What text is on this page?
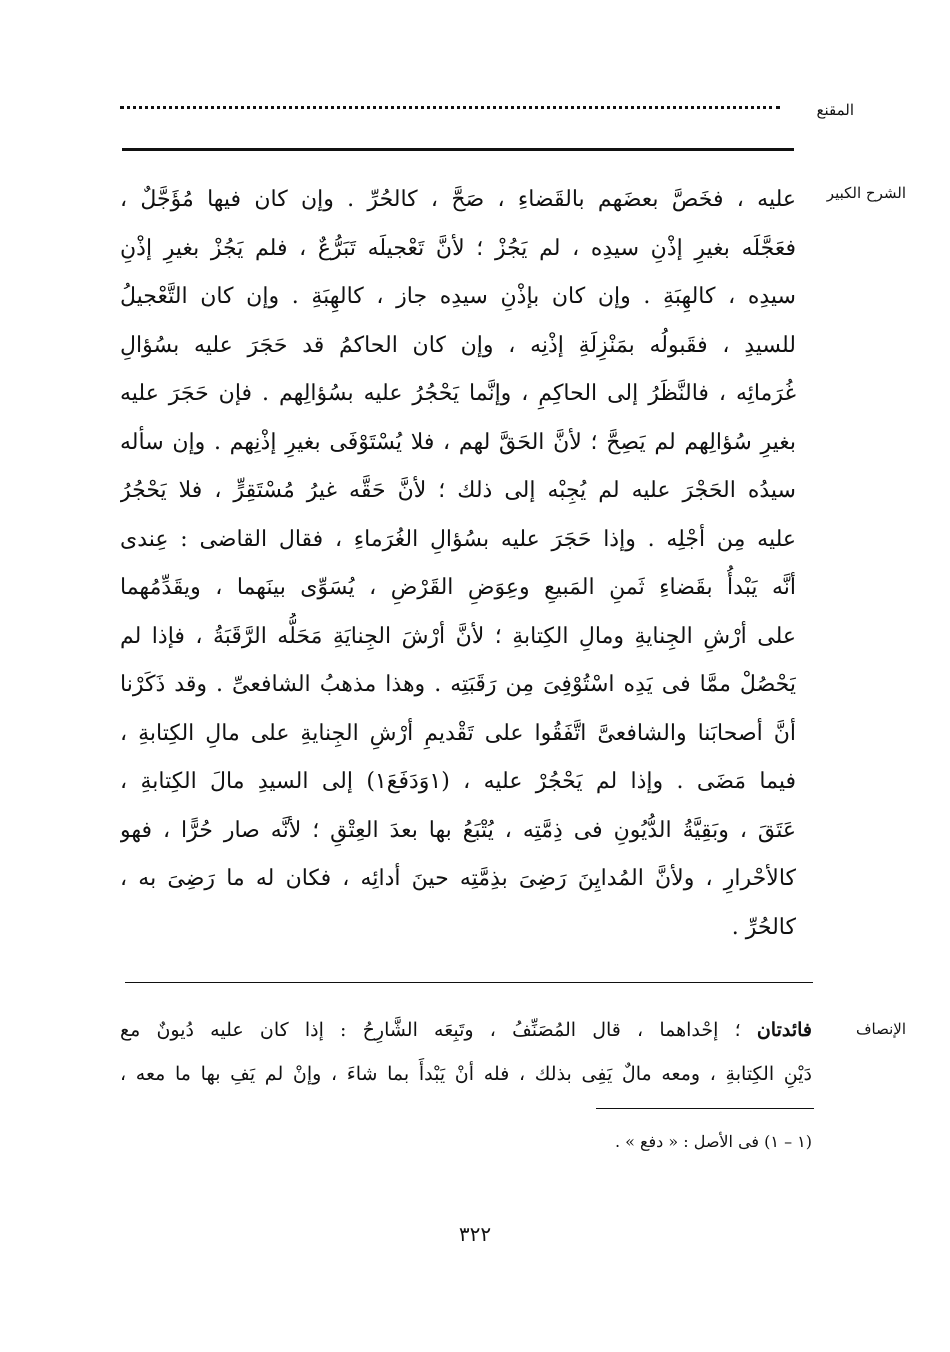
المقنع
الشرح الكبير
عليه ، فخَصَّ بعضَهم بالقَضاءِ ، صَحَّ ، كالحُرِّ . وإن كان فيها مُؤَجَّلٌ ،
فعَجَّلَه بغيرِ إذْنِ سيدِه ، لم يَجُزْ ؛ لأنَّ تَعْجيلَه تَبَرُّعٌ ، فلم يَجُزْ بغيرِ إذْنِ
سيدِه ، كالهِبَةِ . وإن كان بإذْنِ سيدِه جاز ، كالهِبَةِ . وإن كان التَّعْجيلُ
للسيدِ ، فقَبولُه بمَنْزِلَةِ إذْنِه ، وإن كان الحاكمُ قد حَجَرَ عليه بسُؤالِ
غُرَمائِه ، فالنَّظَرُ إلى الحاكِمِ ، وإنَّما يَحْجُرُ عليه بسُؤالِهم . فإن حَجَرَ عليه
بغيرِ سُؤالِهم لم يَصِحَّ ؛ لأنَّ الحَقَّ لهم ، فلا يُسْتَوْفَى بغيرِ إذْنِهم . وإن سأله
سيدُه الحَجْرَ عليه لم يُجِبْه إلى ذلك ؛ لأنَّ حَقَّه غيرُ مُسْتَقِرٍّ ، فلا يَحْجُرُ
عليه مِن أجْلِه . وإذا حَجَرَ عليه بسُؤالِ الغُرَماءِ ، فقال القاضى : عِندى
أنَّه يَبْدأُ بقَضاءِ ثَمنِ المَبيعِ وعِوَضِ القَرْضِ ، يُسَوِّى بينَهما ، ويقَدِّمُهما
على أرْشِ الجِنايةِ ومالِ الكِتابةِ ؛ لأنَّ أرْشَ الجِنايَةِ مَحَلُّه الرَّقَبَةُ ، فإذا لم
يَحْصُلْ ممَّا فى يَدِه اسْتُوْفِىَ مِن رَقَبَتِه . وهذا مذهبُ الشافعىِّ . وقد ذَكَرْنا
أنَّ أصحابَنا والشافعىَّ اتَّفَقُوا على تَقْديمِ أرْشِ الجِنايةِ على مالِ الكِتابةِ ،
فيما مَضَى . وإذا لم يَحْجُرْ عليه ، (١وَدَفَعَ١) إلى السيدِ مالَ الكِتابةِ ،
عَتَقَ ، وبَقِيَّةُ الدُّيُونِ فى ذِمَّتِه ، يُتْبَعُ بها بعدَ العِتْقِ ؛ لأنَّه صار حُرًّا ، فهو
كالأحْرارِ ، ولأنَّ المُدايِنَ رَضِىَ بذِمَّتِه حينَ أدائِه ، فكان له ما رَضِىَ به ،
كالحُرِّ .
الإنصاف
فائدتان ؛ إحْداهما ، قال المُصَنِّفُ ، وتَبِعَه الشَّارِحُ : إذا كان عليه دُيونٌ مع
دَيْنِ الكِتابةِ ، ومعه مالٌ يَفِى بذلك ، فله أنْ يَبْدأَ بما شاءَ ، وإنْ لم يَفِ بها ما معه ،
(١ – ١) فى الأصل : « دفع » .
٣٢٢
